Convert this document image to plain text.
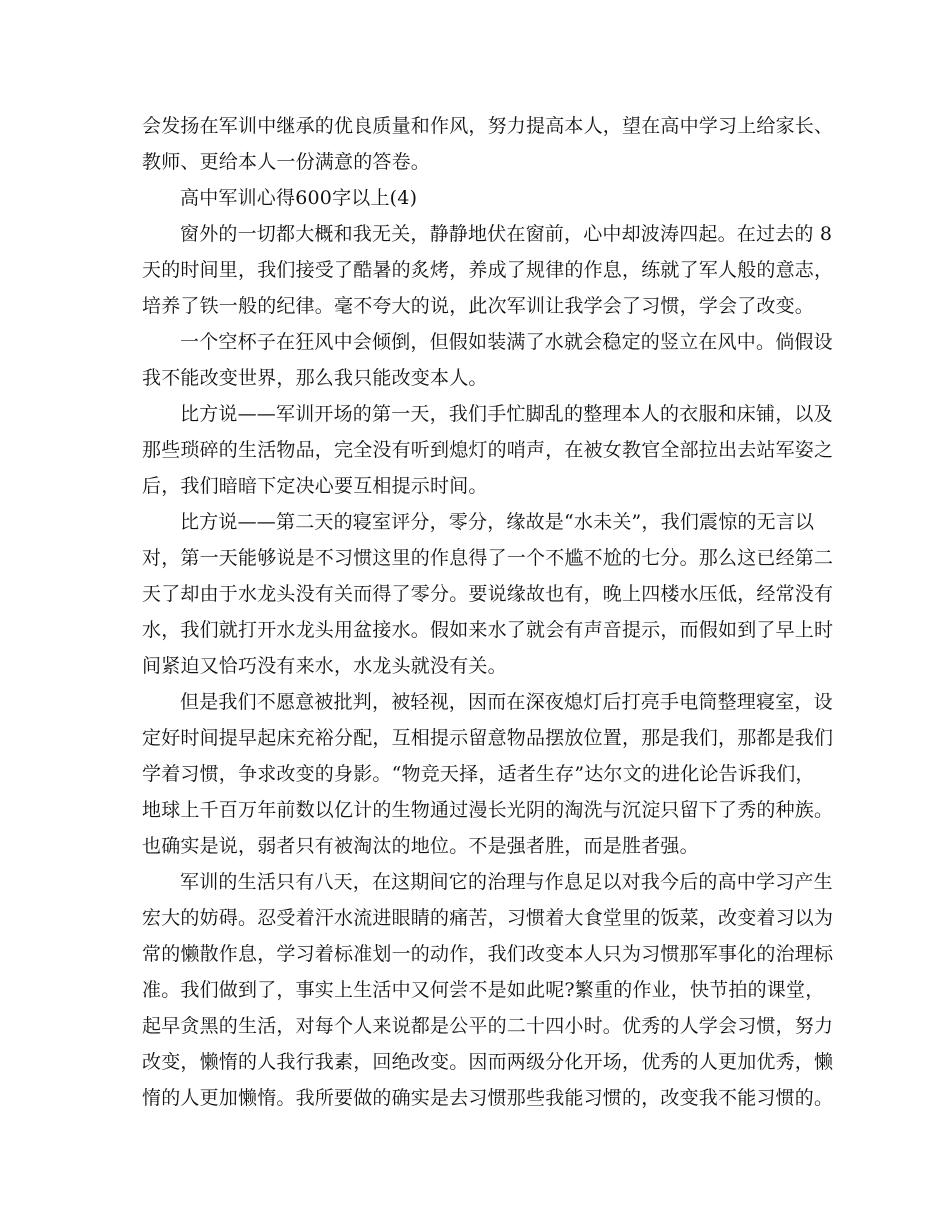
会发扬在军训中继承的优良质量和作风，努力提高本人，望在高中学习上给家长、
教师、更给本人一份满意的答卷。
高中军训心得600字以上(4)
窗外的一切都大概和我无关，静静地伏在窗前，心中却波涛四起。在过去的 8
天的时间里，我们接受了酷暑的炙烤，养成了规律的作息，练就了军人般的意志，
培养了铁一般的纪律。毫不夸大的说，此次军训让我学会了习惯，学会了改变。
一个空杯子在狂风中会倾倒，但假如装满了水就会稳定的竖立在风中。倘假设
我不能改变世界，那么我只能改变本人。
比方说——军训开场的第一天，我们手忙脚乱的整理本人的衣服和床铺，以及
那些琐碎的生活物品，完全没有听到熄灯的哨声，在被女教官全部拉出去站军姿之
后，我们暗暗下定决心要互相提示时间。
比方说——第二天的寝室评分，零分，缘故是“水未关”，我们震惊的无言以
对，第一天能够说是不习惯这里的作息得了一个不尴不尬的七分。那么这已经第二
天了却由于水龙头没有关而得了零分。要说缘故也有，晚上四楼水压低，经常没有
水，我们就打开水龙头用盆接水。假如来水了就会有声音提示，而假如到了早上时
间紧迫又恰巧没有来水，水龙头就没有关。
但是我们不愿意被批判，被轻视，因而在深夜熄灯后打亮手电筒整理寝室，设
定好时间提早起床充裕分配，互相提示留意物品摆放位置，那是我们，那都是我们
学着习惯，争求改变的身影。“物竞天择，适者生存”达尔文的进化论告诉我们，
地球上千百万年前数以亿计的生物通过漫长光阴的淘洗与沉淀只留下了秀的种族。
也确实是说，弱者只有被淘汰的地位。不是强者胜，而是胜者强。
军训的生活只有八天，在这期间它的治理与作息足以对我今后的高中学习产生
宏大的妨碍。忍受着汗水流进眼睛的痛苦，习惯着大食堂里的饭菜，改变着习以为
常的懒散作息，学习着标准划一的动作，我们改变本人只为习惯那军事化的治理标
准。我们做到了，事实上生活中又何尝不是如此呢?繁重的作业，快节拍的课堂，
起早贪黑的生活，对每个人来说都是公平的二十四小时。优秀的人学会习惯，努力
改变，懒惰的人我行我素，回绝改变。因而两级分化开场，优秀的人更加优秀，懒
惰的人更加懒惰。我所要做的确实是去习惯那些我能习惯的，改变我不能习惯的。
